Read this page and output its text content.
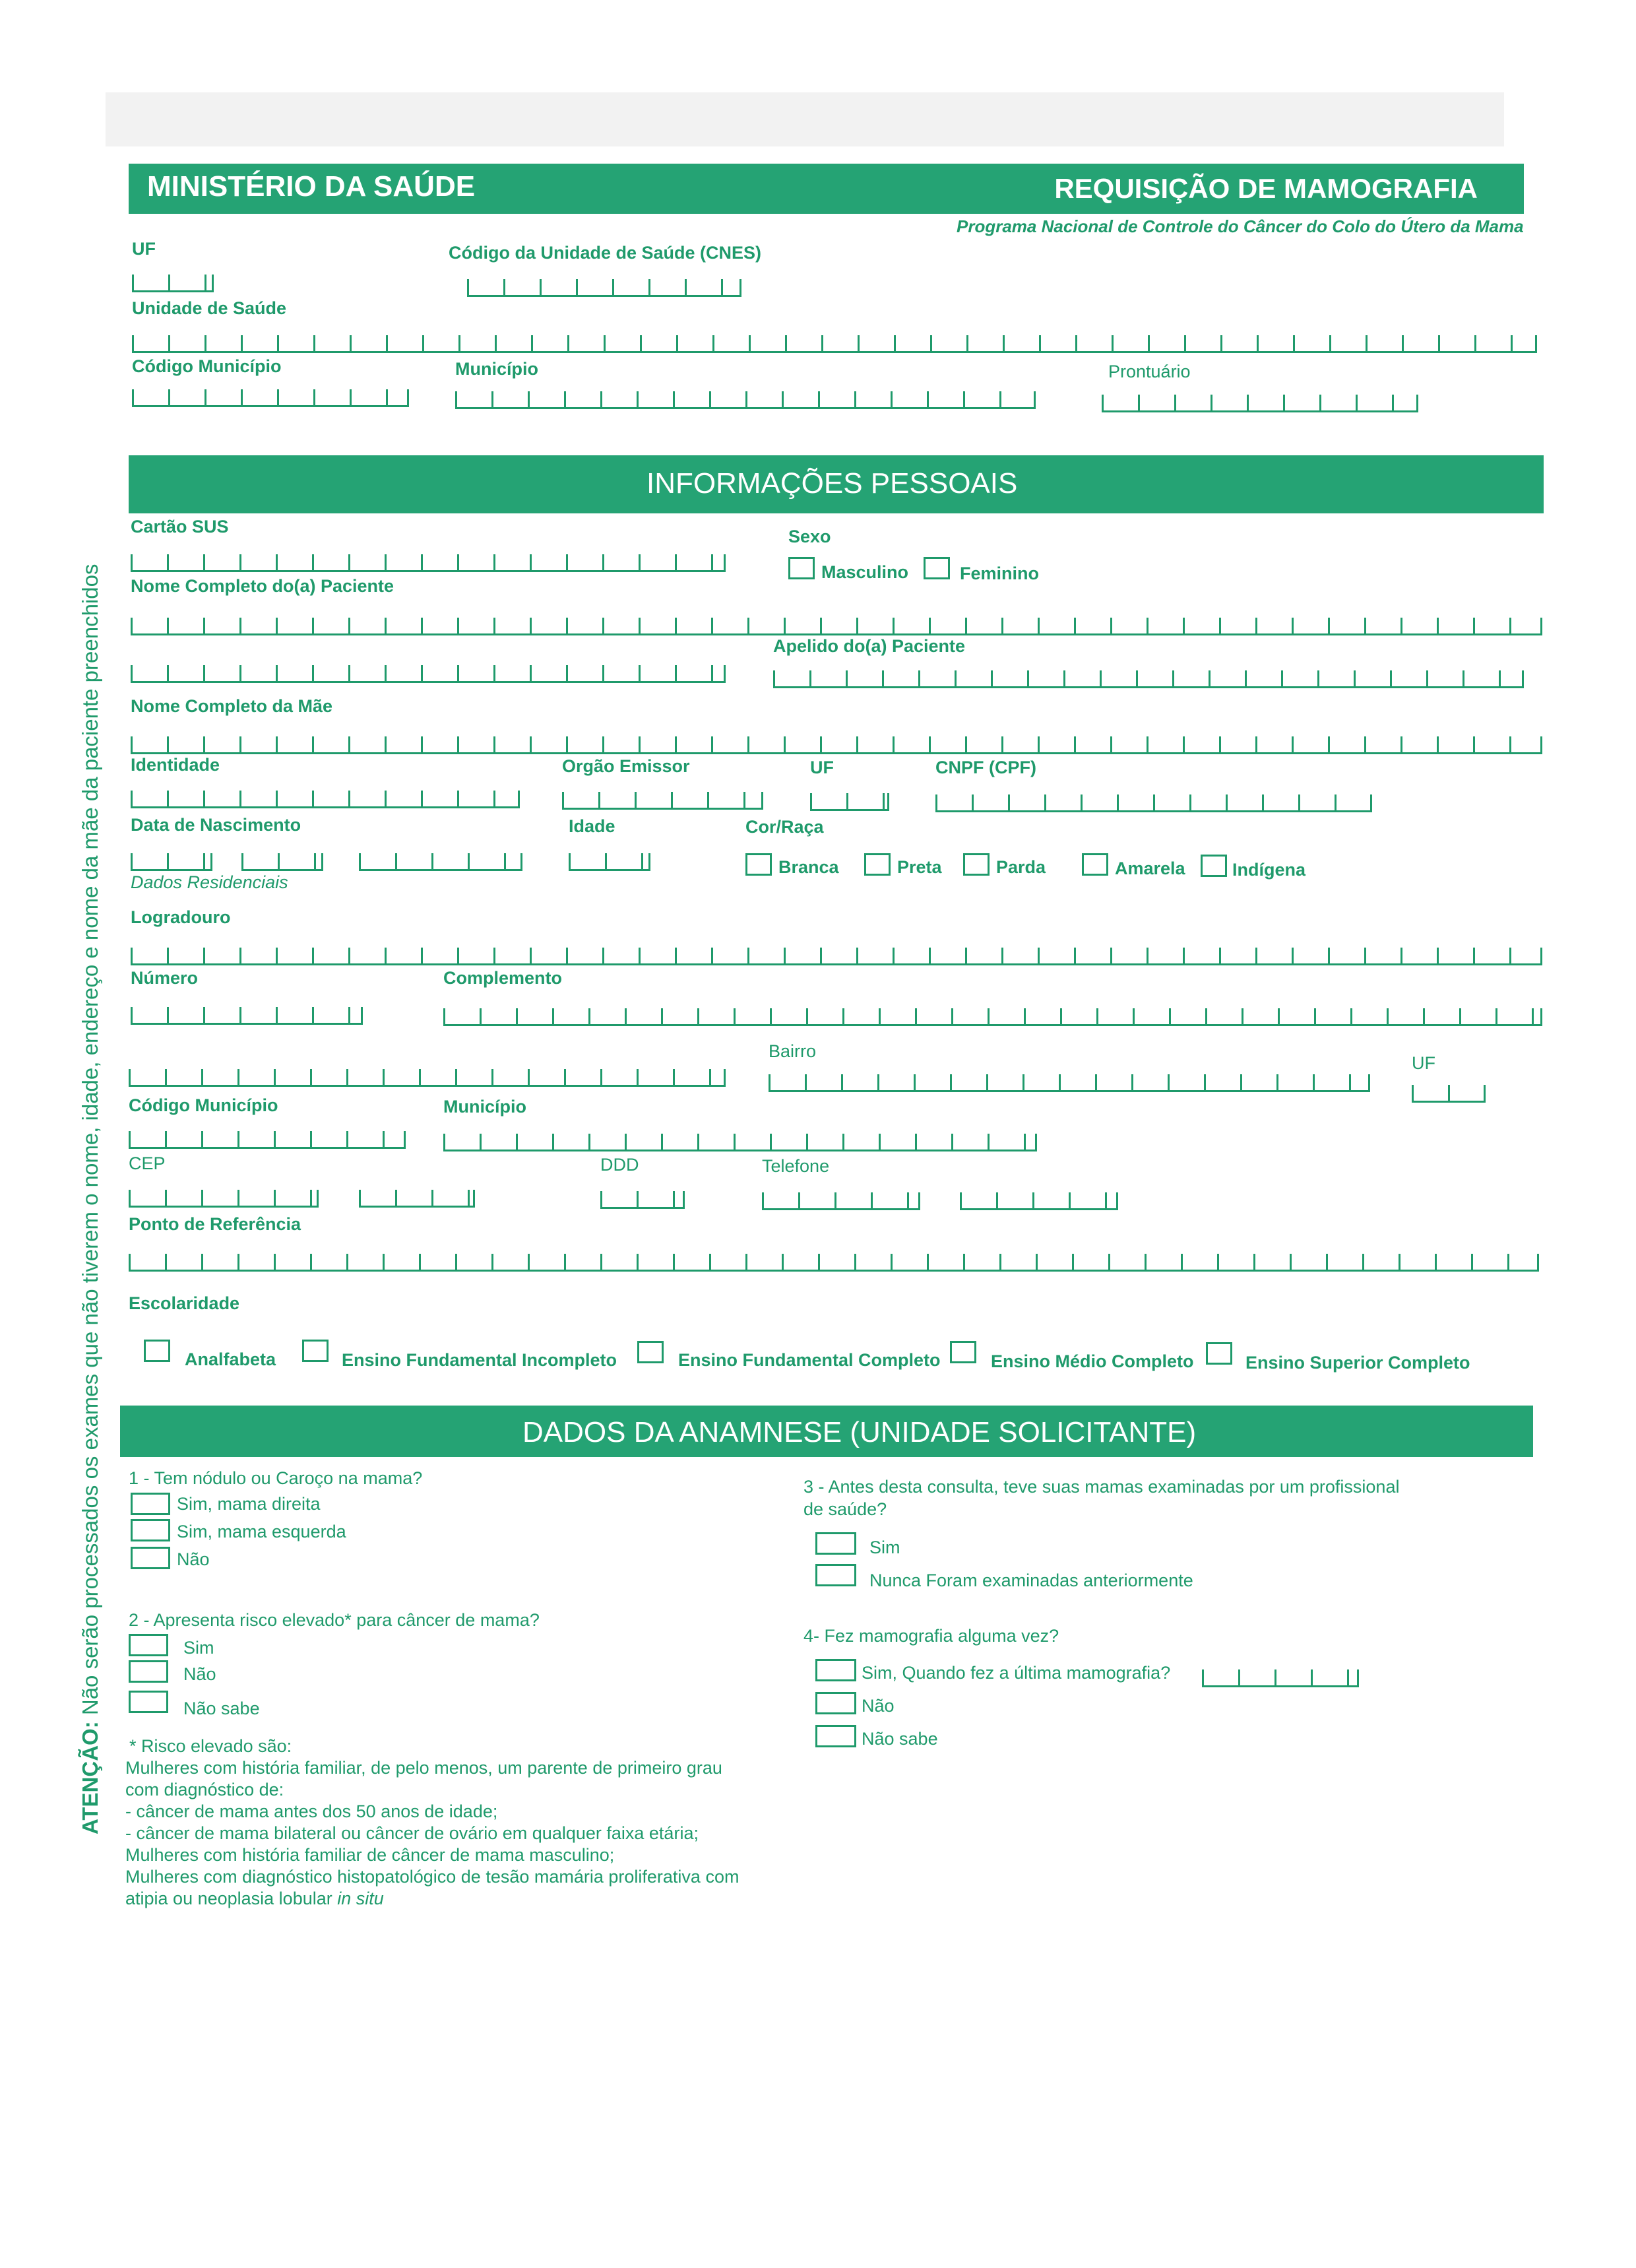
MINISTÉRIO DA SAÚDE	REQUISIÇÃO DE MAMOGRAFIA
Programa Nacional de Controle do Câncer do Colo do Útero da Mama
UF	Código da Unidade de Saúde (CNES)
Unidade de Saúde
Código Município	Município	Prontuário
INFORMAÇÕES PESSOAIS
Cartão SUS	Sexo
Masculino	Feminino
Nome Completo do(a) Paciente
Apelido do(a) Paciente
Nome Completo da Mãe
Identidade	Orgão Emissor	UF	CNPF (CPF)
Data de Nascimento	Idade	Cor/Raça
Branca	Preta	Parda	Amarela	Indígena
Dados Residenciais
Logradouro
Número	Complemento
Bairro
UF
Código Município	Município
CEP	DDD	Telefone
Ponto de Referência
Escolaridade
Analfabeta	Ensino Fundamental Incompleto	Ensino Fundamental Completo	Ensino Médio Completo	Ensino Superior Completo
DADOS DA ANAMNESE (UNIDADE SOLICITANTE)
1 - Tem nódulo ou Caroço na mama?
Sim, mama direita
Sim, mama esquerda
Não
2 - Apresenta risco elevado* para câncer de mama?
Sim
Não
Não sabe
* Risco elevado são:
Mulheres com história familiar, de pelo menos, um parente de primeiro grau
com diagnóstico de:
- câncer de mama antes dos 50 anos de idade;
- câncer de mama bilateral ou câncer de ovário em qualquer faixa etária;
Mulheres com história familiar de câncer de mama masculino;
Mulheres com diagnóstico histopatológico de tesão mamária proliferativa com
atipia ou neoplasia lobular in situ
3 - Antes desta consulta, teve suas mamas examinadas por um profissional
de saúde?
Sim
Nunca Foram examinadas anteriormente
4- Fez mamografia alguma vez?
Sim, Quando fez a última mamografia?
Não
Não sabe
ATENÇÃO: Não serão processados os exames que não tiverem o nome, idade, endereço e nome da mãe da paciente preenchidos
